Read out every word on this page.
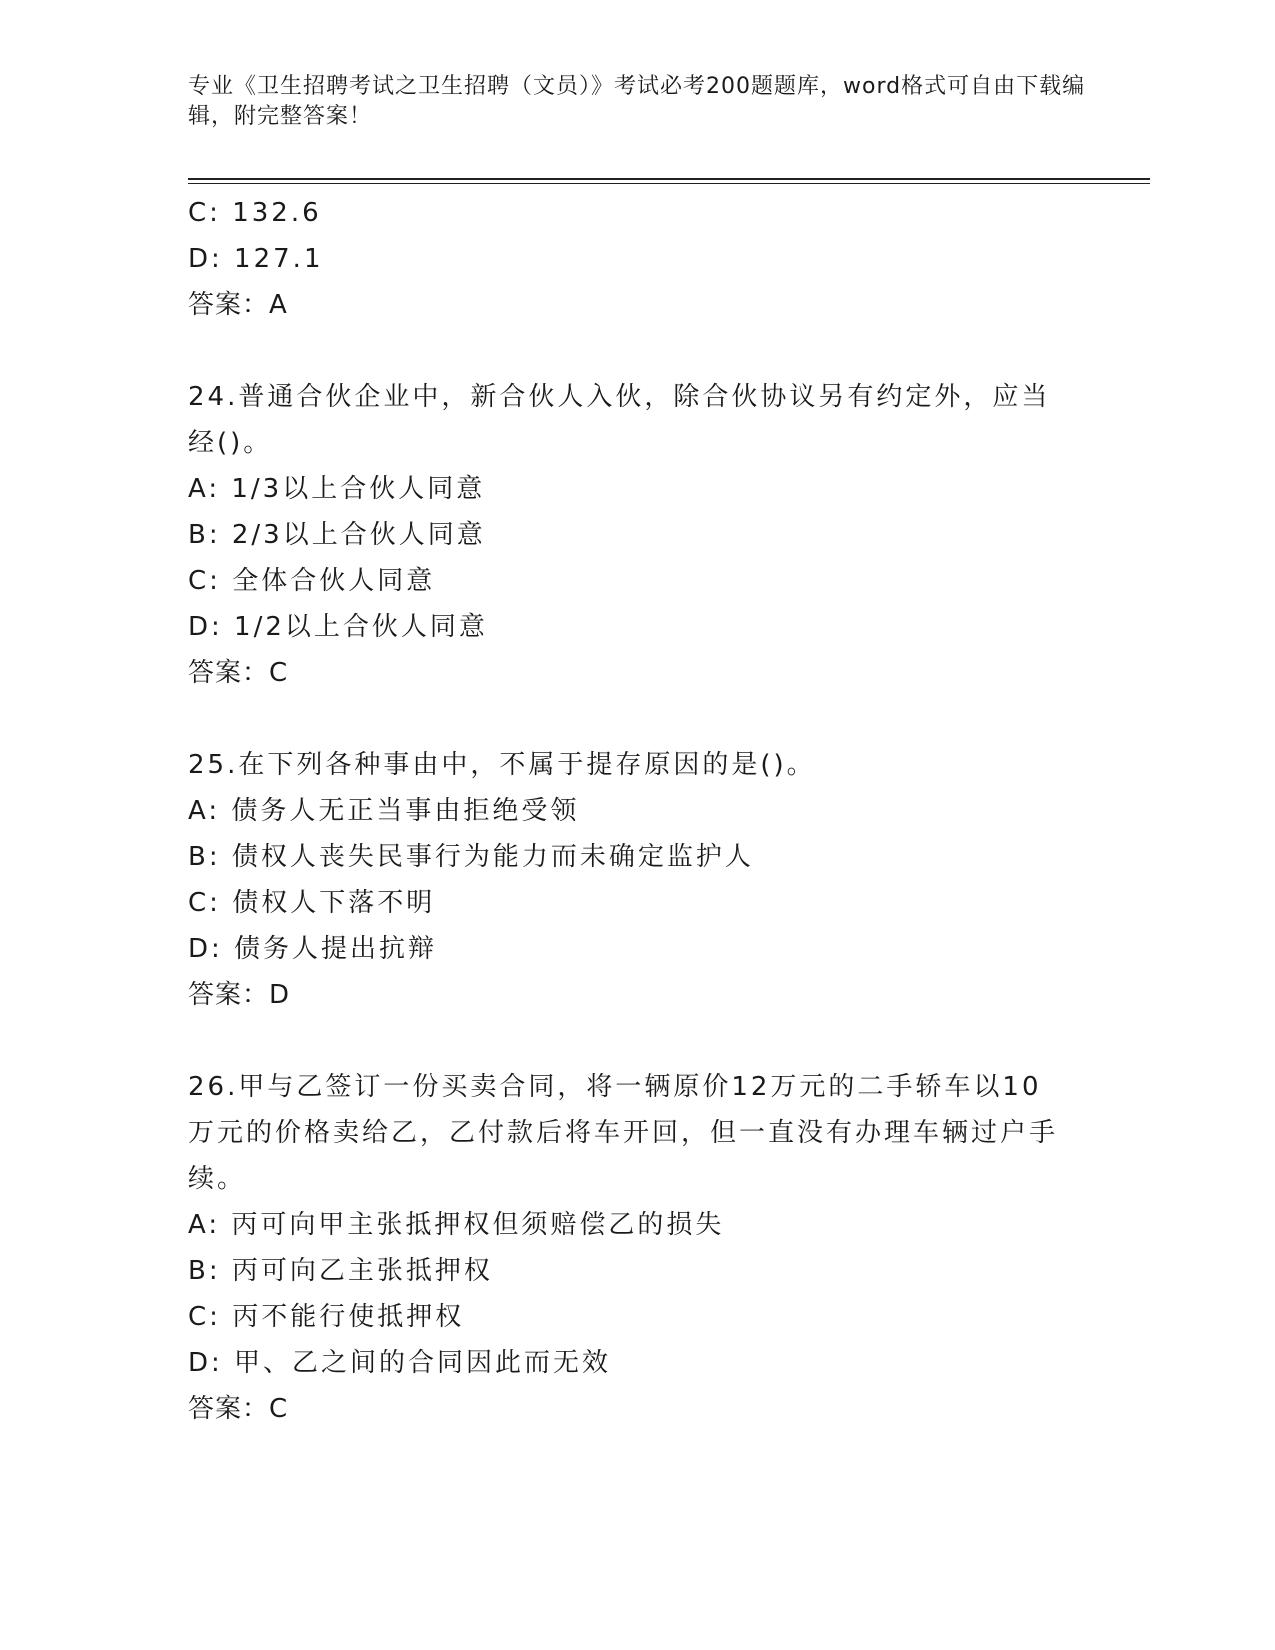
专业《卫生招聘考试之卫生招聘（文员）》考试必考200题题库，word格式可自由下载编辑，附完整答案！
C: 132.6
D: 127.1
答案：A
24.普通合伙企业中，新合伙人入伙，除合伙协议另有约定外，应当经()。
A: 1/3以上合伙人同意
B: 2/3以上合伙人同意
C: 全体合伙人同意
D: 1/2以上合伙人同意
答案：C
25.在下列各种事由中，不属于提存原因的是()。
A: 债务人无正当事由拒绝受领
B: 债权人丧失民事行为能力而未确定监护人
C: 债权人下落不明
D: 债务人提出抗辩
答案：D
26.甲与乙签订一份买卖合同，将一辆原价12万元的二手轿车以10万元的价格卖给乙，乙付款后将车开回，但一直没有办理车辆过户手续。
A: 丙可向甲主张抵押权但须赔偿乙的损失
B: 丙可向乙主张抵押权
C: 丙不能行使抵押权
D: 甲、乙之间的合同因此而无效
答案：C
